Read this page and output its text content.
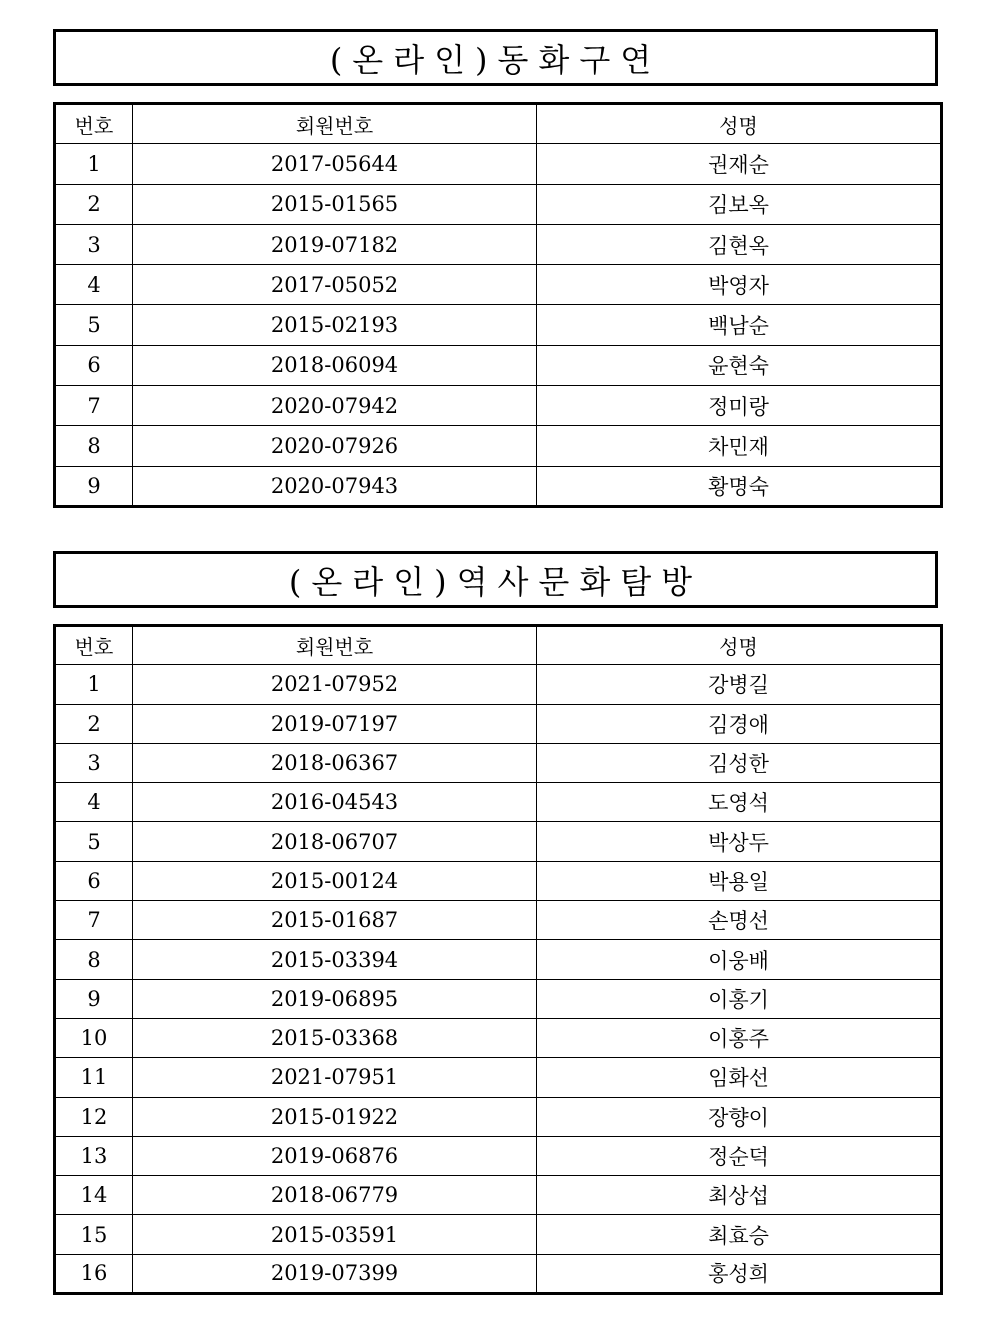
(온라인)동화구연
번호	회원번호	성명
1	2017-05644	권재순
2	2015-01565	김보옥
3	2019-07182	김현옥
4	2017-05052	박영자
5	2015-02193	백남순
6	2018-06094	윤현숙
7	2020-07942	정미랑
8	2020-07926	차민재
9	2020-07943	황명숙
(온라인)역사문화탐방
번호	회원번호	성명
1	2021-07952	강병길
2	2019-07197	김경애
3	2018-06367	김성한
4	2016-04543	도영석
5	2018-06707	박상두
6	2015-00124	박용일
7	2015-01687	손명선
8	2015-03394	이웅배
9	2019-06895	이홍기
10	2015-03368	이홍주
11	2021-07951	임화선
12	2015-01922	장향이
13	2019-06876	정순덕
14	2018-06779	최상섭
15	2015-03591	최효승
16	2019-07399	홍성희
